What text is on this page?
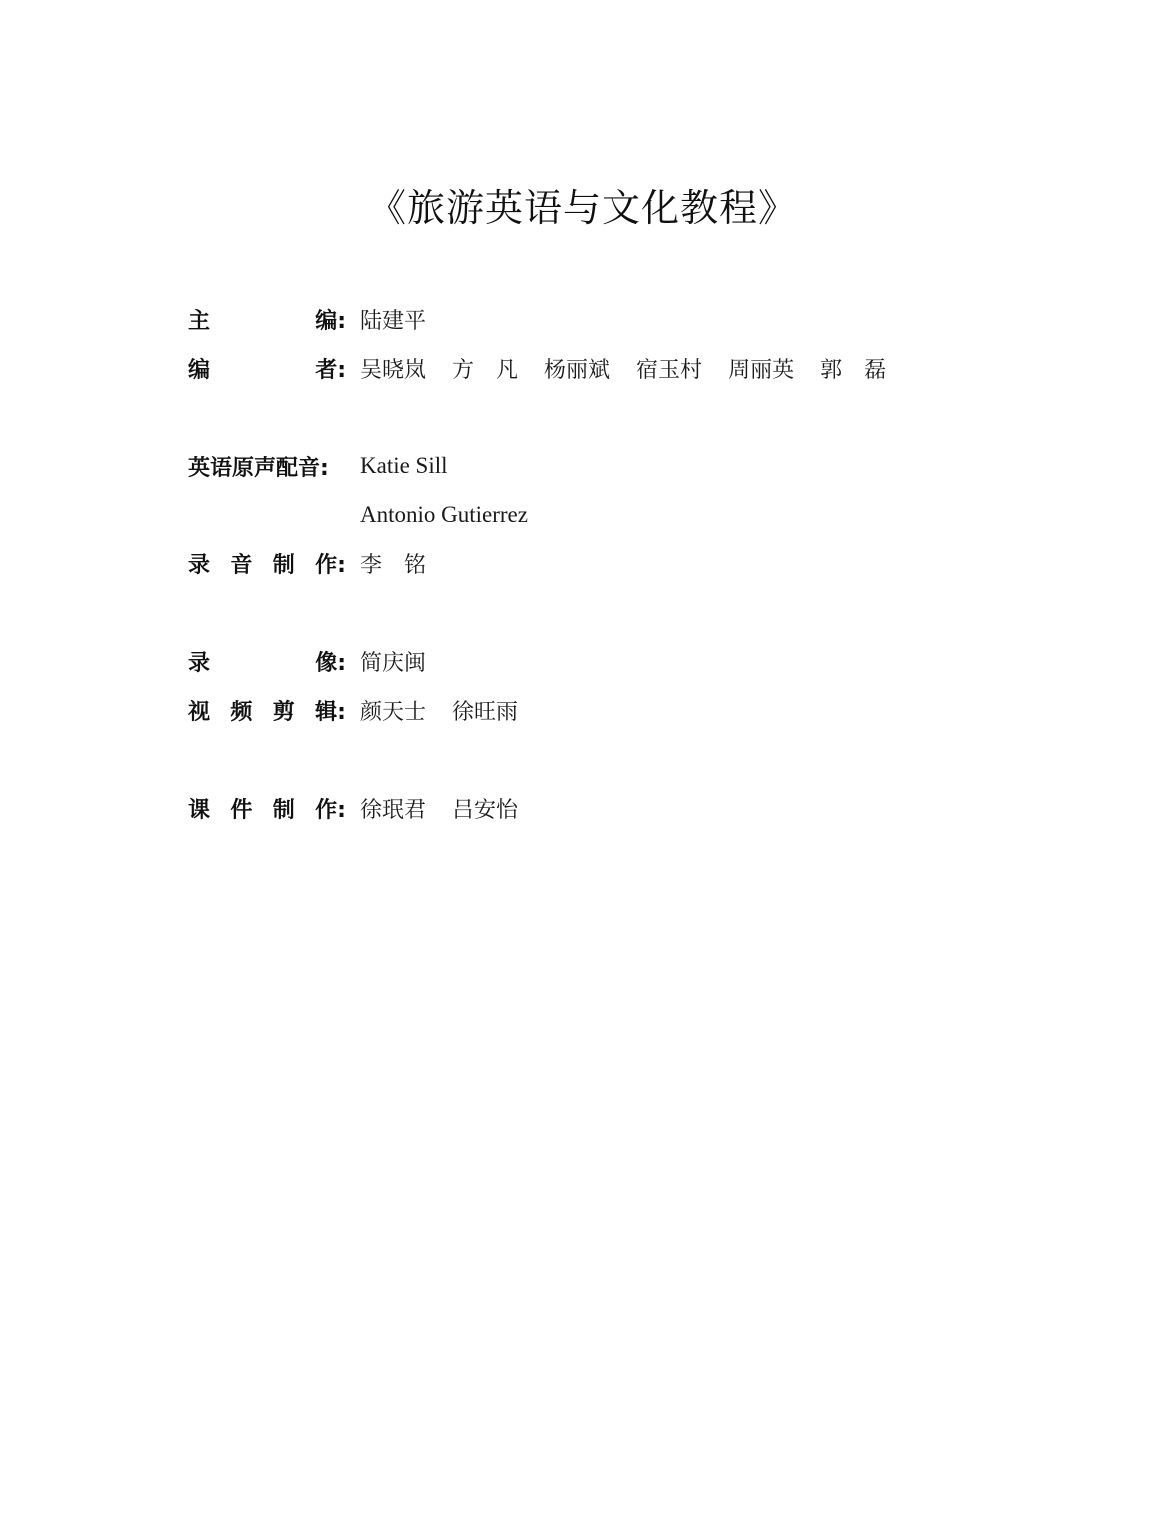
《旅游英语与文化教程》
主	编: 陆建平
编	者: 吴晓岚 方　凡 杨丽斌 宿玉村 周丽英 郭　磊
英语原声配音: Katie Sill
Antonio Gutierrez
录 音 制 作: 李　铭
录	像: 简庆闽
视 频 剪 辑: 颜天士 徐旺雨
课 件 制 作: 徐珉君 吕安怡
